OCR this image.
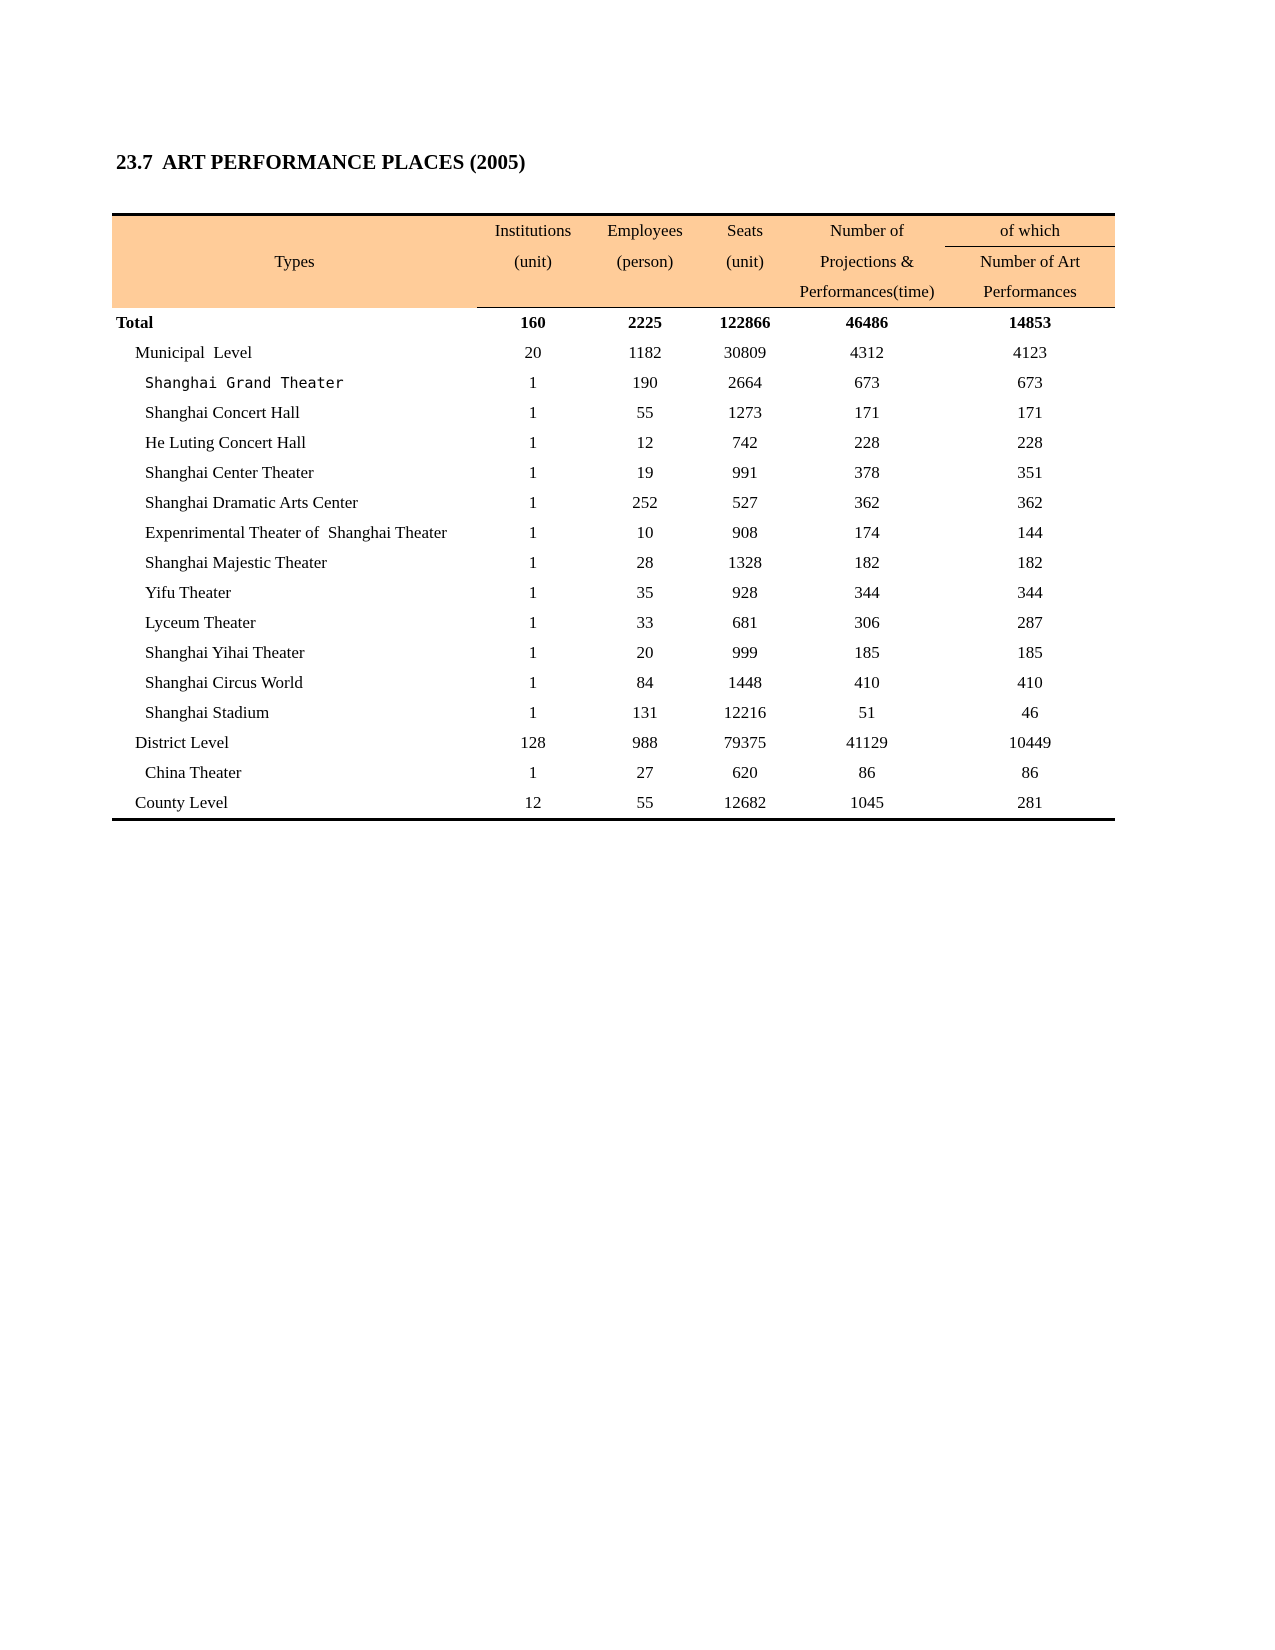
23.7  ART PERFORMANCE PLACES (2005)
Types	Institutions	Employees	Seats	Number of	of which
	(unit)	(person)	(unit)	Projections &	Number of Art
				Performances(time)	Performances
Total	160	2225	122866	46486	14853
Municipal  Level	20	1182	30809	4312	4123
Shanghai Grand Theater	1	190	2664	673	673
Shanghai Concert Hall	1	55	1273	171	171
He Luting Concert Hall	1	12	742	228	228
Shanghai Center Theater	1	19	991	378	351
Shanghai Dramatic Arts Center	1	252	527	362	362
Expenrimental Theater of  Shanghai Theater	1	10	908	174	144
Shanghai Majestic Theater	1	28	1328	182	182
Yifu Theater	1	35	928	344	344
Lyceum Theater	1	33	681	306	287
Shanghai Yihai Theater	1	20	999	185	185
Shanghai Circus World	1	84	1448	410	410
Shanghai Stadium	1	131	12216	51	46
District Level	128	988	79375	41129	10449
China Theater	1	27	620	86	86
County Level	12	55	12682	1045	281
